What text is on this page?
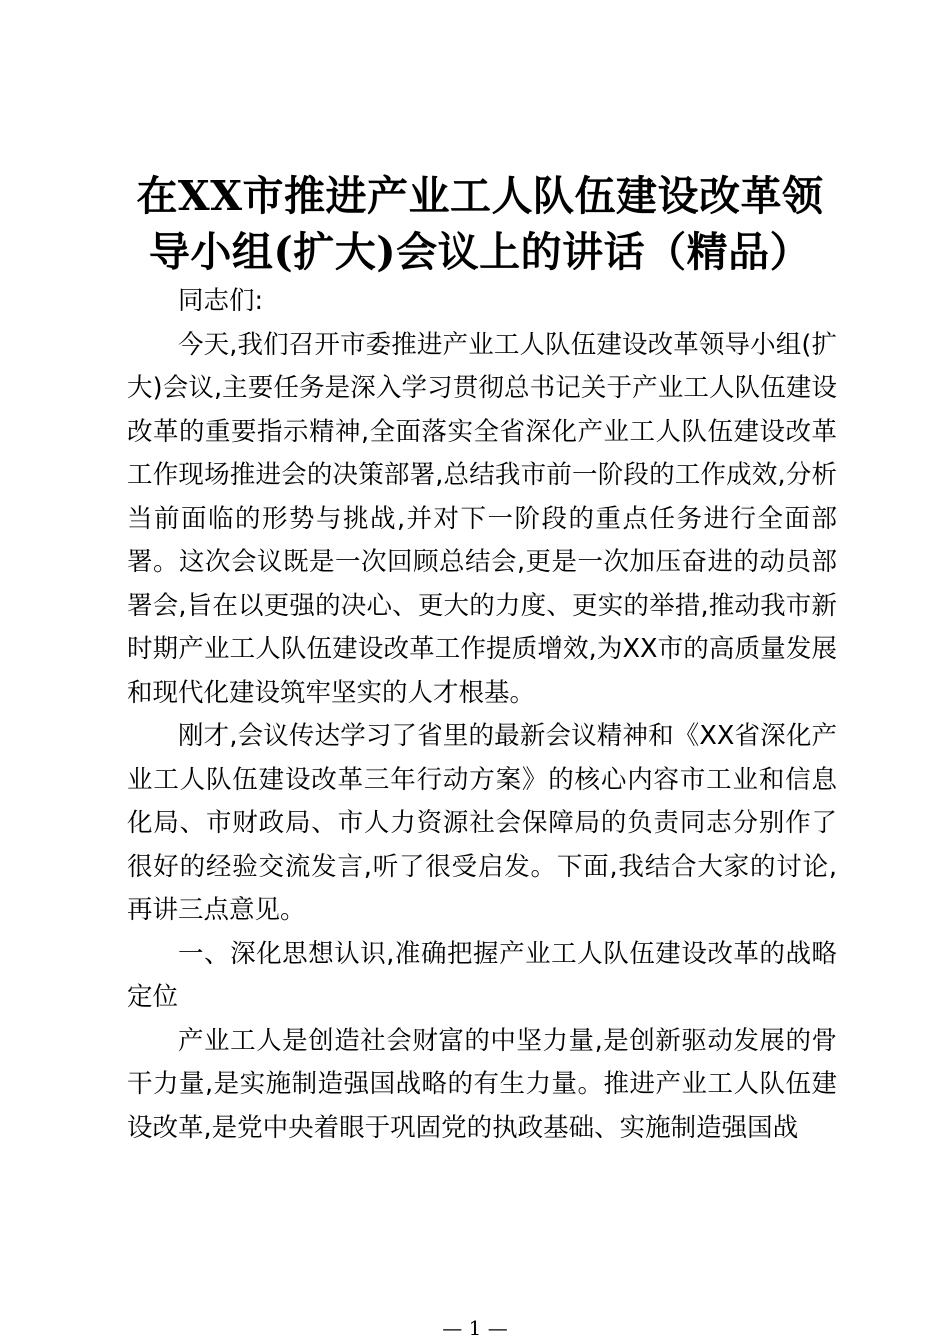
在XX市推进产业工人队伍建设改革领
导小组(扩大)会议上的讲话（精品）

同志们:

今天,我们召开市委推进产业工人队伍建设改革领导小组(扩大)会议,主要任务是深入学习贯彻总书记关于产业工人队伍建设改革的重要指示精神,全面落实全省深化产业工人队伍建设改革工作现场推进会的决策部署,总结我市前一阶段的工作成效,分析当前面临的形势与挑战,并对下一阶段的重点任务进行全面部署。这次会议既是一次回顾总结会,更是一次加压奋进的动员部署会,旨在以更强的决心、更大的力度、更实的举措,推动我市新时期产业工人队伍建设改革工作提质增效,为XX市的高质量发展和现代化建设筑牢坚实的人才根基。

刚才,会议传达学习了省里的最新会议精神和《XX省深化产业工人队伍建设改革三年行动方案》的核心内容市工业和信息化局、市财政局、市人力资源社会保障局的负责同志分别作了很好的经验交流发言,听了很受启发。下面,我结合大家的讨论,再讲三点意见。

一、深化思想认识,准确把握产业工人队伍建设改革的战略定位

产业工人是创造社会财富的中坚力量,是创新驱动发展的骨干力量,是实施制造强国战略的有生力量。推进产业工人队伍建设改革,是党中央着眼于巩固党的执政基础、实施制造强国战

— 1 —
